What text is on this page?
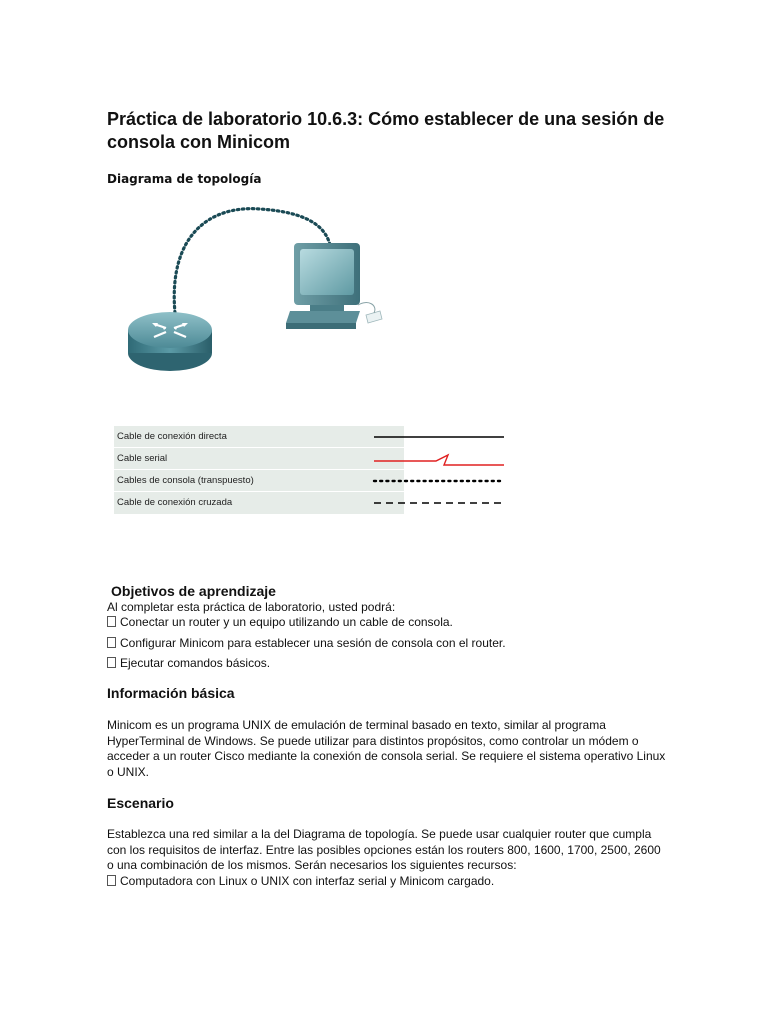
Práctica de laboratorio 10.6.3: Cómo establecer de una sesión de consola con Minicom
Diagrama de topología
Cable de conexión directa
Cable serial
Cables de consola (transpuesto)
Cable de conexión cruzada
Objetivos de aprendizaje

Al completar esta práctica de laboratorio, usted podrá:

Conectar un router y un equipo utilizando un cable de consola.
Configurar Minicom para establecer una sesión de consola con el router.
Ejecutar comandos básicos.
Información básica

Minicom es un programa UNIX de emulación de terminal basado en texto, similar al programa HyperTerminal de Windows. Se puede utilizar para distintos propósitos, como controlar un módem o acceder a un router Cisco mediante la conexión de consola serial. Se requiere el sistema operativo Linux o UNIX.

Escenario

Establezca una red similar a la del Diagrama de topología. Se puede usar cualquier router que cumpla con los requisitos de interfaz. Entre las posibles opciones están los routers 800, 1600, 1700, 2500, 2600 o una combinación de los mismos. Serán necesarios los siguientes recursos:

Computadora con Linux o UNIX con interfaz serial y Minicom cargado.
